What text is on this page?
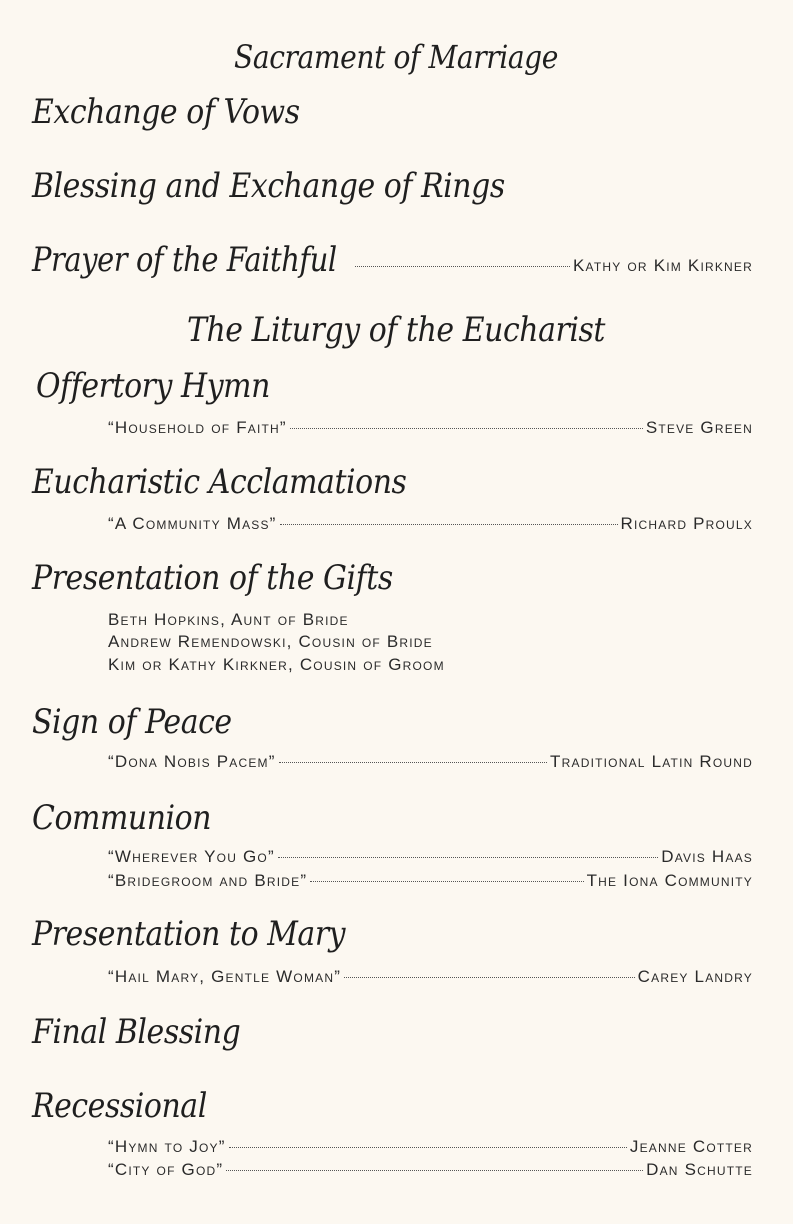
Sacrament of Marriage
Exchange of Vows
Blessing and Exchange of Rings
Prayer of the Faithful	Kathy or Kim Kirkner
The Liturgy of the Eucharist
Offertory Hymn
“Household of Faith”	Steve Green
Eucharistic Acclamations
“A Community Mass”	Richard Proulx
Presentation of the Gifts
Beth Hopkins, Aunt of Bride
Andrew Remendowski, Cousin of Bride
Kim or Kathy Kirkner, Cousin of Groom
Sign of Peace
“Dona Nobis Pacem”	Traditional Latin Round
Communion
“Wherever You Go”	Davis Haas
“Bridegroom and Bride”	The Iona Community
Presentation to Mary
“Hail Mary, Gentle Woman”	Carey Landry
Final Blessing
Recessional
“Hymn to Joy”	Jeanne Cotter
“City of God”	Dan Schutte
